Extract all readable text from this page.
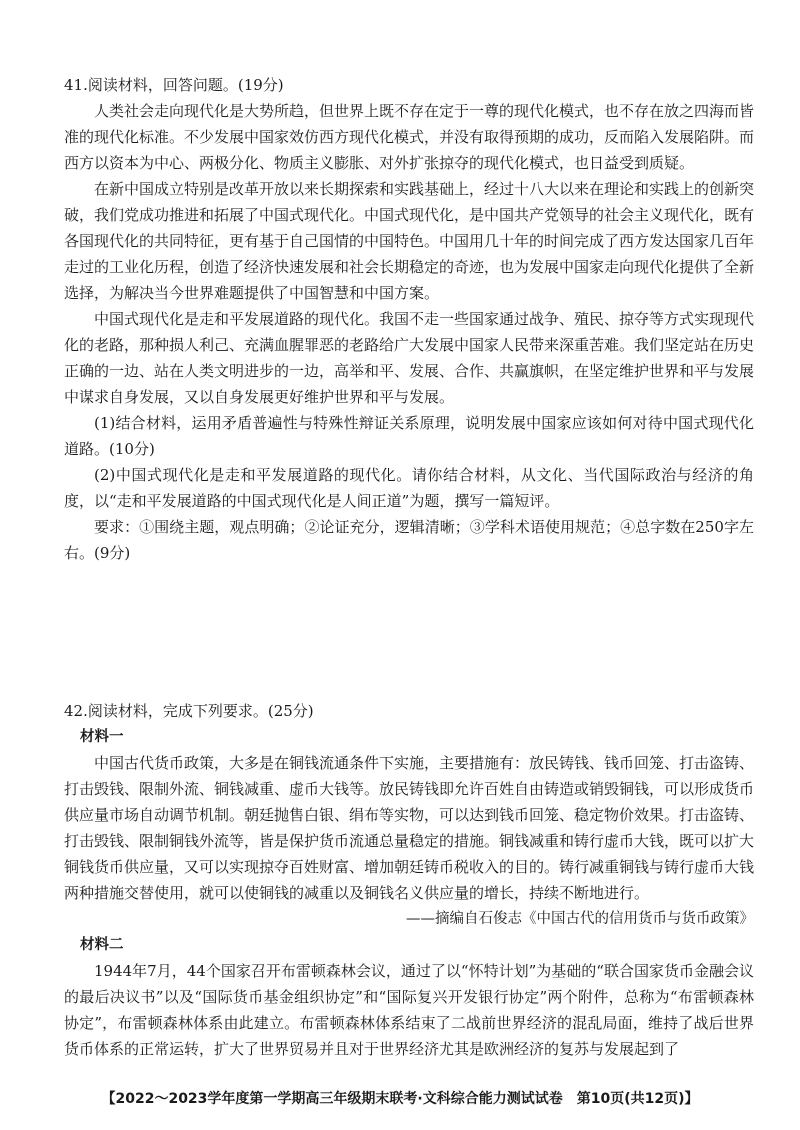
41.阅读材料，回答问题。(19分)

人类社会走向现代化是大势所趋，但世界上既不存在定于一尊的现代化模式，也不存在放之四海而皆准的现代化标准。不少发展中国家效仿西方现代化模式，并没有取得预期的成功，反而陷入发展陷阱。而西方以资本为中心、两极分化、物质主义膨胀、对外扩张掠夺的现代化模式，也日益受到质疑。

在新中国成立特别是改革开放以来长期探索和实践基础上，经过十八大以来在理论和实践上的创新突破，我们党成功推进和拓展了中国式现代化。中国式现代化，是中国共产党领导的社会主义现代化，既有各国现代化的共同特征，更有基于自己国情的中国特色。中国用几十年的时间完成了西方发达国家几百年走过的工业化历程，创造了经济快速发展和社会长期稳定的奇迹，也为发展中国家走向现代化提供了全新选择，为解决当今世界难题提供了中国智慧和中国方案。

中国式现代化是走和平发展道路的现代化。我国不走一些国家通过战争、殖民、掠夺等方式实现现代化的老路，那种损人利己、充满血腥罪恶的老路给广大发展中国家人民带来深重苦难。我们坚定站在历史正确的一边、站在人类文明进步的一边，高举和平、发展、合作、共赢旗帜，在坚定维护世界和平与发展中谋求自身发展，又以自身发展更好维护世界和平与发展。

(1)结合材料，运用矛盾普遍性与特殊性辩证关系原理，说明发展中国家应该如何对待中国式现代化道路。(10分)

(2)中国式现代化是走和平发展道路的现代化。请你结合材料，从文化、当代国际政治与经济的角度，以“走和平发展道路的中国式现代化是人间正道”为题，撰写一篇短评。

要求：①围绕主题，观点明确；②论证充分，逻辑清晰；③学科术语使用规范；④总字数在250字左右。(9分)

42.阅读材料，完成下列要求。(25分)

材料一

中国古代货币政策，大多是在铜钱流通条件下实施，主要措施有：放民铸钱、钱币回笼、打击盗铸、打击毁钱、限制外流、铜钱减重、虚币大钱等。放民铸钱即允许百姓自由铸造或销毁铜钱，可以形成货币供应量市场自动调节机制。朝廷抛售白银、绢布等实物，可以达到钱币回笼、稳定物价效果。打击盗铸、打击毁钱、限制铜钱外流等，皆是保护货币流通总量稳定的措施。铜钱减重和铸行虚币大钱，既可以扩大铜钱货币供应量，又可以实现掠夺百姓财富、增加朝廷铸币税收入的目的。铸行减重铜钱与铸行虚币大钱两种措施交替使用，就可以使铜钱的减重以及铜钱名义供应量的增长，持续不断地进行。

——摘编自石俊志《中国古代的信用货币与货币政策》

材料二

1944年7月，44个国家召开布雷顿森林会议，通过了以“怀特计划”为基础的“联合国家货币金融会议的最后决议书”以及“国际货币基金组织协定”和“国际复兴开发银行协定”两个附件，总称为“布雷顿森林协定”，布雷顿森林体系由此建立。布雷顿森林体系结束了二战前世界经济的混乱局面，维持了战后世界货币体系的正常运转，扩大了世界贸易并且对于世界经济尤其是欧洲经济的复苏与发展起到了

【2022～2023学年度第一学期高三年级期末联考·文科综合能力测试试卷　第10页(共12页)】
